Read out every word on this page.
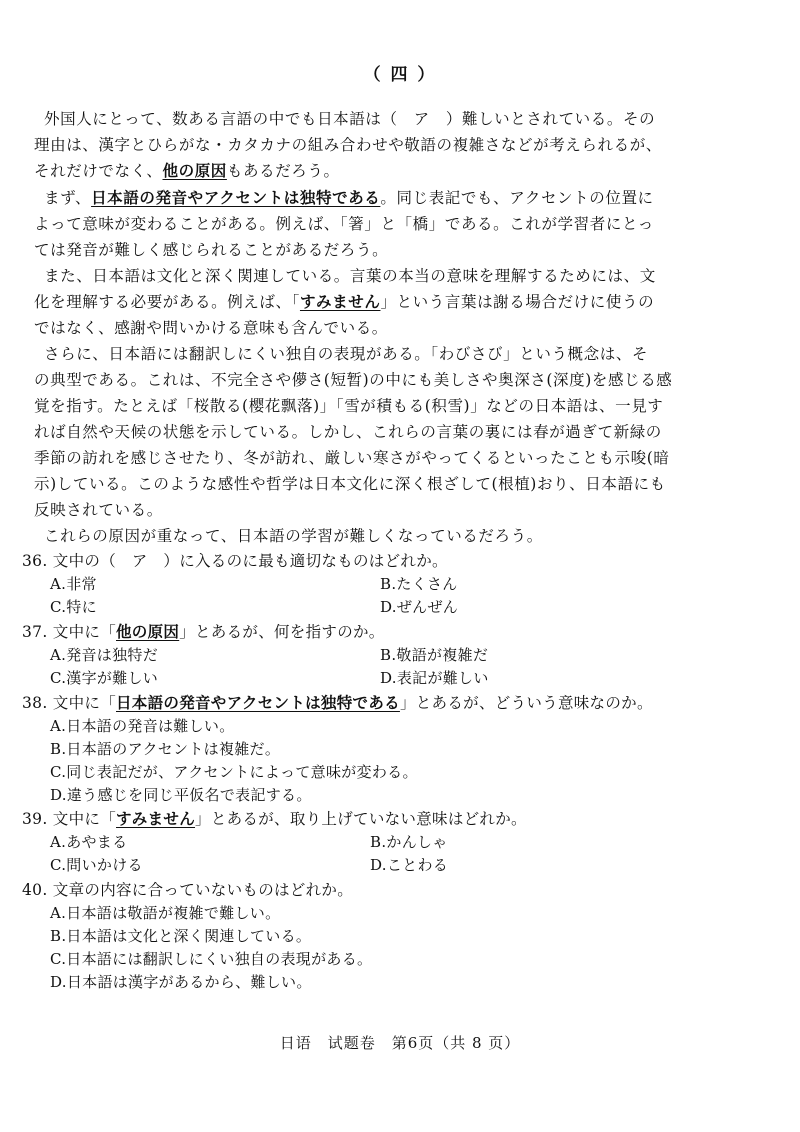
（ 四 ）
外国人にとって、数ある言語の中でも日本語は（　ア　）難しいとされている。その
理由は、漢字とひらがな・カタカナの組み合わせや敬語の複雑さなどが考えられるが、
それだけでなく、他の原因もあるだろう。
まず、日本語の発音やアクセントは独特である。同じ表記でも、アクセントの位置に
よって意味が変わることがある。例えば、「箸」と「橋」である。これが学習者にとっ
ては発音が難しく感じられることがあるだろう。
また、日本語は文化と深く関連している。言葉の本当の意味を理解するためには、文
化を理解する必要がある。例えば、「すみません」という言葉は謝る場合だけに使うの
ではなく、感謝や問いかける意味も含んでいる。
さらに、日本語には翻訳しにくい独自の表現がある。「わびさび」という概念は、そ
の典型である。これは、不完全さや儚さ(短暂)の中にも美しさや奥深さ(深度)を感じる感
覚を指す。たとえば「桜散る(樱花飘落)」「雪が積もる(积雪)」などの日本語は、一見す
れば自然や天候の状態を示している。しかし、これらの言葉の裏には春が過ぎて新緑の
季節の訪れを感じさせたり、冬が訪れ、厳しい寒さがやってくるといったことも示唆(暗
示)している。このような感性や哲学は日本文化に深く根ざして(根植)おり、日本語にも
反映されている。
これらの原因が重なって、日本語の学習が難しくなっているだろう。
36. 文中の（　ア　）に入るのに最も適切なものはどれか。
A.非常	B.たくさん
C.特に	D.ぜんぜん
37. 文中に「他の原因」とあるが、何を指すのか。
A.発音は独特だ	B.敬語が複雑だ
C.漢字が難しい	D.表記が難しい
38. 文中に「日本語の発音やアクセントは独特である」とあるが、どういう意味なのか。
A.日本語の発音は難しい。
B.日本語のアクセントは複雑だ。
C.同じ表記だが、アクセントによって意味が変わる。
D.違う感じを同じ平仮名で表記する。
39. 文中に「すみません」とあるが、取り上げていない意味はどれか。
A.あやまる	B.かんしゃ
C.問いかける	D.ことわる
40. 文章の内容に合っていないものはどれか。
A.日本語は敬語が複雑で難しい。
B.日本語は文化と深く関連している。
C.日本語には翻訳しにくい独自の表現がある。
D.日本語は漢字があるから、難しい。
日语　试题卷　第6页（共 8 页）
